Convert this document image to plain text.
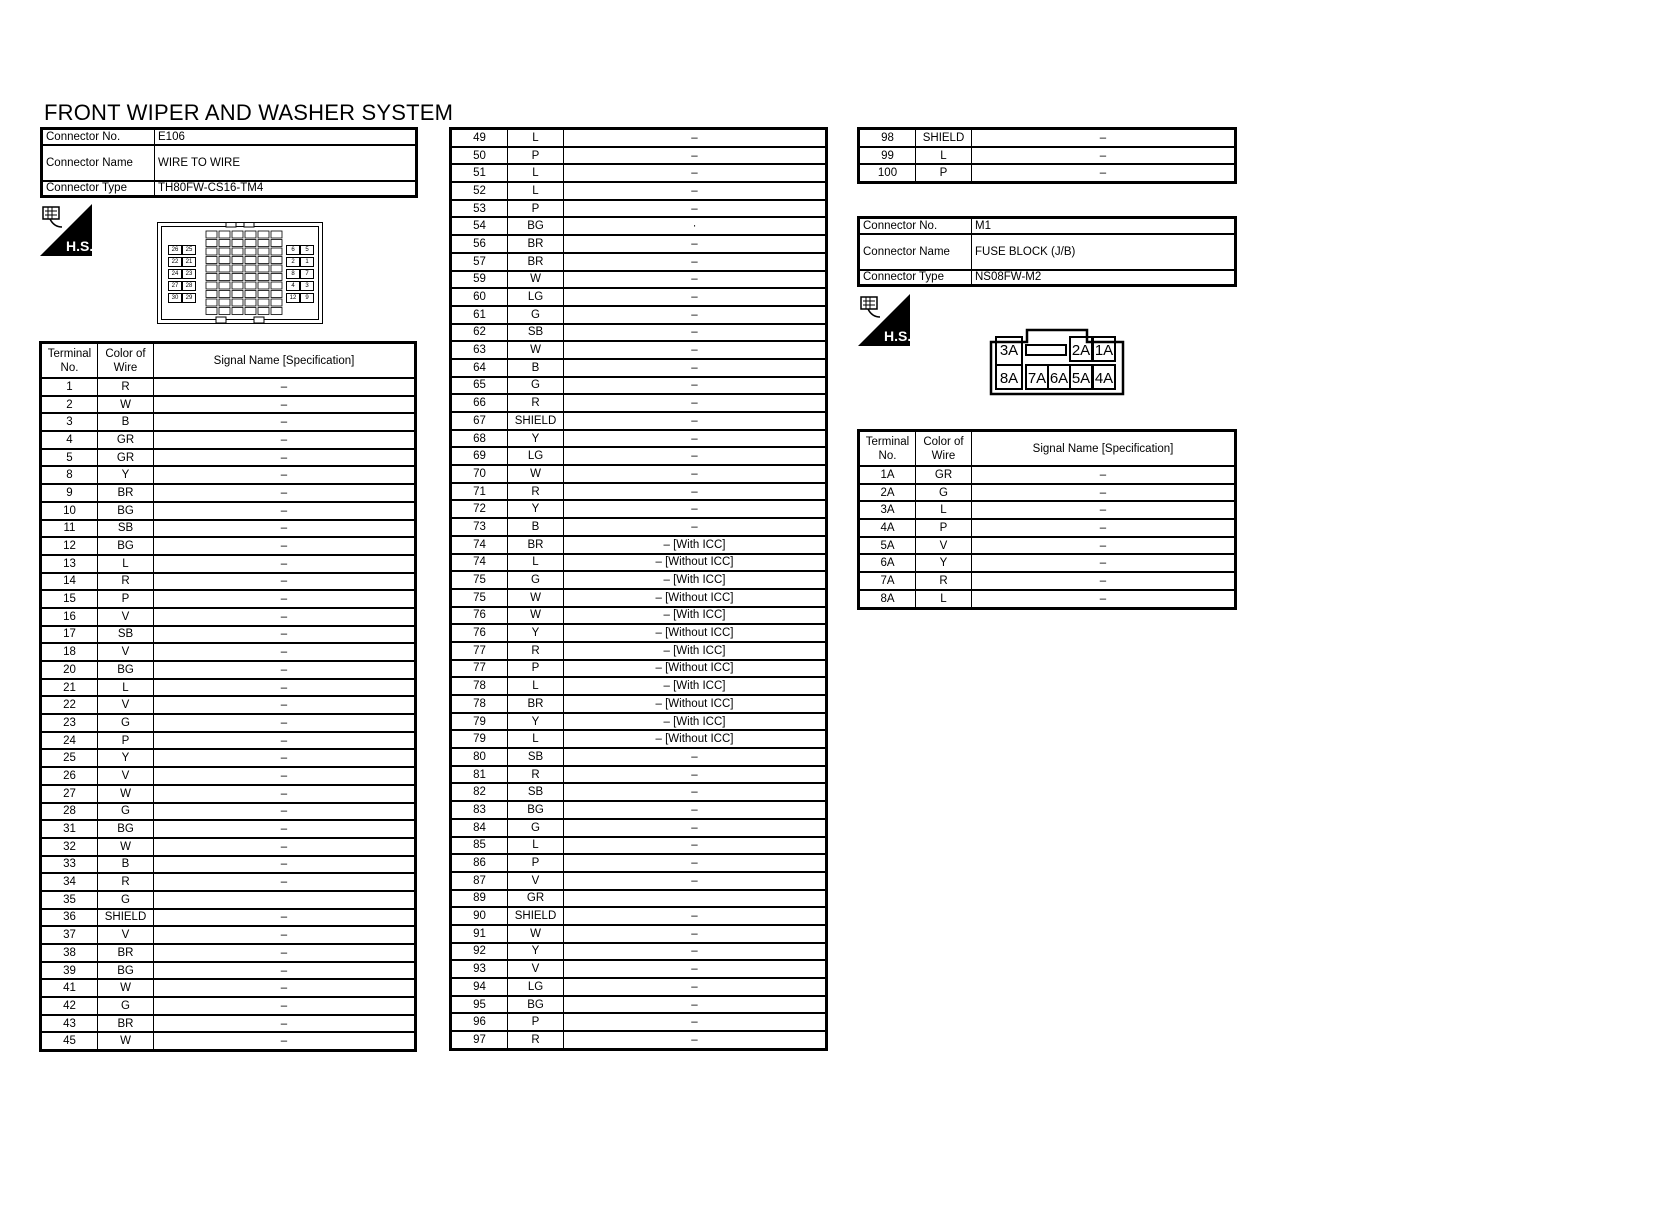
FRONT WIPER AND WASHER SYSTEM
Connector No.	E106
Connector Name	WIRE TO WIRE
Connector Type	TH80FW-CS16-TM4
H.S.	26	25
22	21
24	23
27	28
30	29
6	5
2	1
8	7
4	3
12	9
Terminal No.	Color of Wire	Signal Name [Specification]
1	R	–
2	W	–
3	B	–
4	GR	–
5	GR	–
8	Y	–
9	BR	–
10	BG	–
11	SB	–
12	BG	–
13	L	–
14	R	–
15	P	–
16	V	–
17	SB	–
18	V	–
20	BG	–
21	L	–
22	V	–
23	G	–
24	P	–
25	Y	–
26	V	–
27	W	–
28	G	–
31	BG	–
32	W	–
33	B	–
34	R	–
35	G	
36	SHIELD	–
37	V	–
38	BR	–
39	BG	–
41	W	–
42	G	–
43	BR	–
45	W	–
49	L	–
50	P	–
51	L	–
52	L	–
53	P	–
54	BG	·
56	BR	–
57	BR	–
59	W	–
60	LG	–
61	G	–
62	SB	–
63	W	–
64	B	–
65	G	–
66	R	–
67	SHIELD	–
68	Y	–
69	LG	–
70	W	–
71	R	–
72	Y	–
73	B	–
74	BR	– [With ICC]
74	L	– [Without ICC]
75	G	– [With ICC]
75	W	– [Without ICC]
76	W	– [With ICC]
76	Y	– [Without ICC]
77	R	– [With ICC]
77	P	– [Without ICC]
78	L	– [With ICC]
78	BR	– [Without ICC]
79	Y	– [With ICC]
79	L	– [Without ICC]
80	SB	–
81	R	–
82	SB	–
83	BG	–
84	G	–
85	L	–
86	P	–
87	V	–
89	GR	
90	SHIELD	–
91	W	–
92	Y	–
93	V	–
94	LG	–
95	BG	–
96	P	–
97	R	–
98	SHIELD	–
99	L	–
100	P	–
Connector No.	M1
Connector Name	FUSE BLOCK (J/B)
Connector Type	NS08FW-M2
H.S.
3A	2A 1A
8A 7A 6A 5A 4A
Terminal No.	Color of Wire	Signal Name [Specification]
1A	GR	–
2A	G	–
3A	L	–
4A	P	–
5A	V	–
6A	Y	–
7A	R	–
8A	L	–
